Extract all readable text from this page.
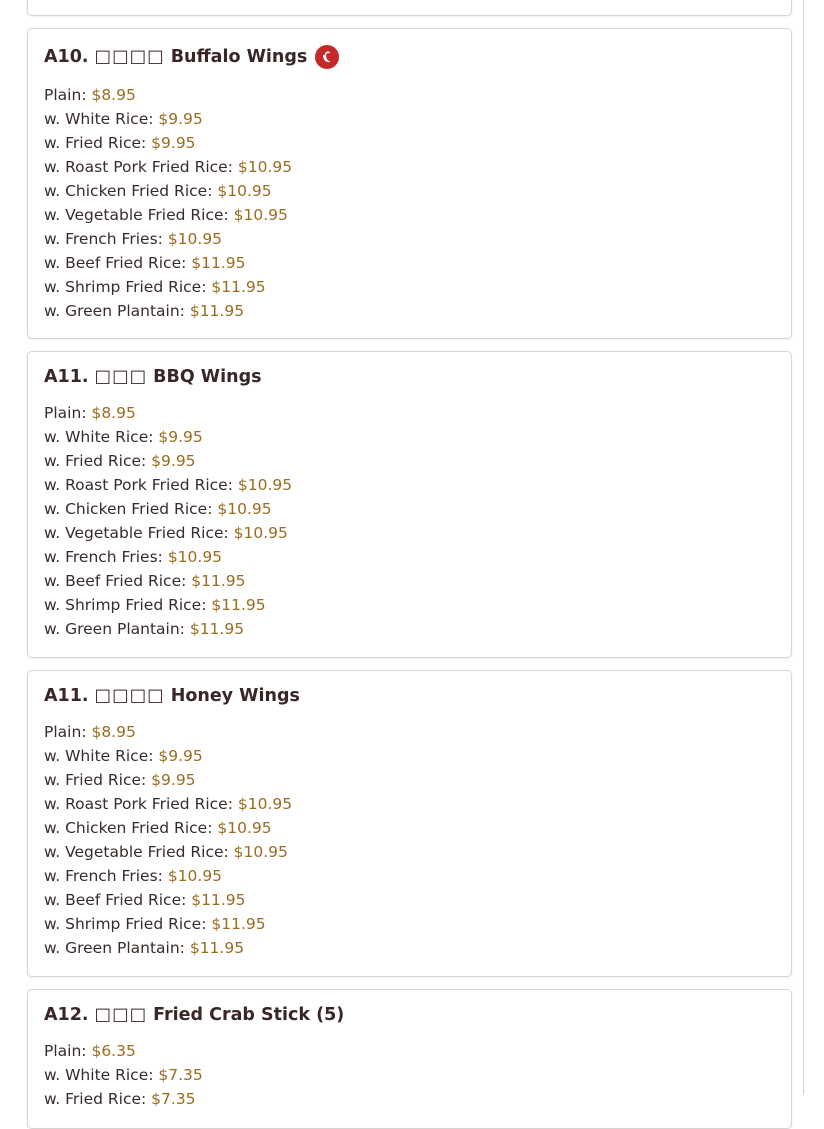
A10. □□□□ Buffalo Wings
Plain: $8.95
w. White Rice: $9.95
w. Fried Rice: $9.95
w. Roast Pork Fried Rice: $10.95
w. Chicken Fried Rice: $10.95
w. Vegetable Fried Rice: $10.95
w. French Fries: $10.95
w. Beef Fried Rice: $11.95
w. Shrimp Fried Rice: $11.95
w. Green Plantain: $11.95
A11. □□□ BBQ Wings
Plain: $8.95
w. White Rice: $9.95
w. Fried Rice: $9.95
w. Roast Pork Fried Rice: $10.95
w. Chicken Fried Rice: $10.95
w. Vegetable Fried Rice: $10.95
w. French Fries: $10.95
w. Beef Fried Rice: $11.95
w. Shrimp Fried Rice: $11.95
w. Green Plantain: $11.95
A11. □□□□ Honey Wings
Plain: $8.95
w. White Rice: $9.95
w. Fried Rice: $9.95
w. Roast Pork Fried Rice: $10.95
w. Chicken Fried Rice: $10.95
w. Vegetable Fried Rice: $10.95
w. French Fries: $10.95
w. Beef Fried Rice: $11.95
w. Shrimp Fried Rice: $11.95
w. Green Plantain: $11.95
A12. □□□ Fried Crab Stick (5)
Plain: $6.35
w. White Rice: $7.35
w. Fried Rice: $7.35
